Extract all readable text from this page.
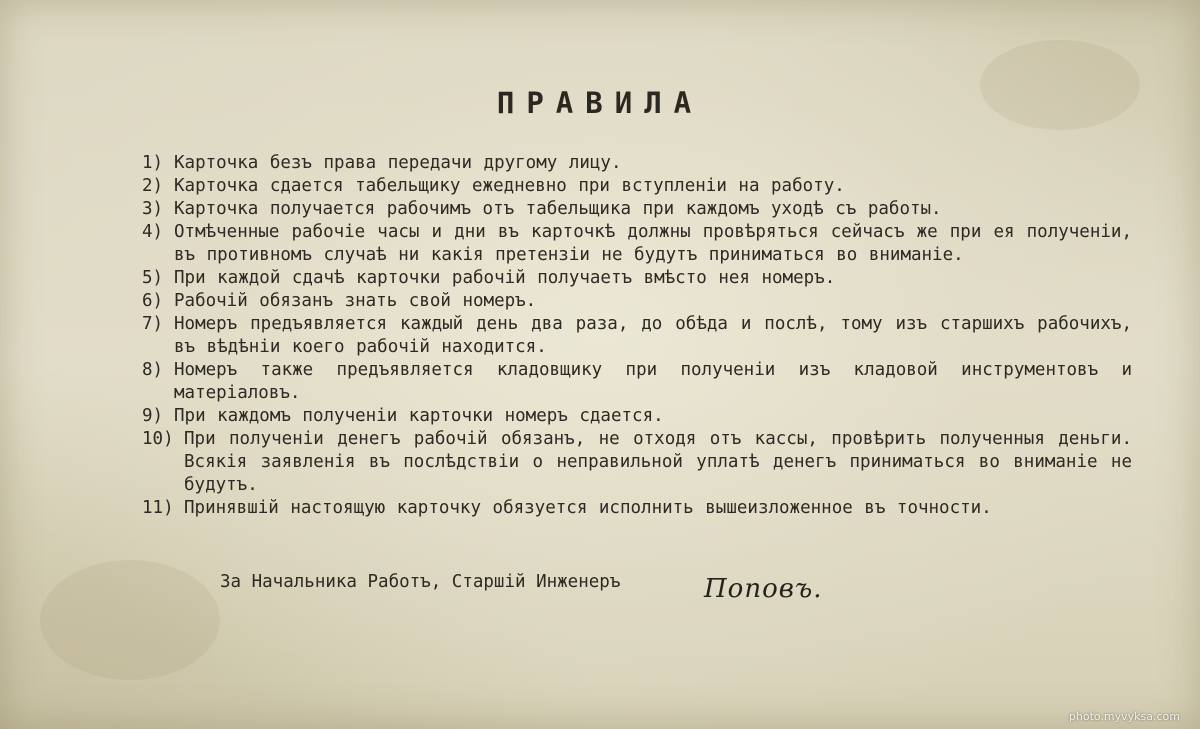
ПРАВИЛА
1) Карточка безъ права передачи другому лицу.
2) Карточка сдается табельщику ежедневно при вступленіи на работу.
3) Карточка получается рабочимъ отъ табельщика при каждомъ уходѣ съ работы.
4) Отмѣченные рабочіе часы и дни въ карточкѣ должны провѣряться сейчасъ же при ея полученіи, въ противномъ случаѣ ни какія претензіи не будутъ приниматься во вниманіе.
5) При каждой сдачѣ карточки рабочій получаетъ вмѣсто нея номеръ.
6) Рабочій обязанъ знать свой номеръ.
7) Номеръ предъявляется каждый день два раза, до обѣда и послѣ, тому изъ старшихъ рабочихъ, въ вѣдѣніи коего рабочій находится.
8) Номеръ также предъявляется кладовщику при полученіи изъ кладовой инструментовъ и матеріаловъ.
9) При каждомъ полученіи карточки номеръ сдается.
10) При полученіи денегъ рабочій обязанъ, не отходя отъ кассы, провѣрить полученныя деньги. Всякія заявленія въ послѣдствіи о неправильной уплатѣ денегъ приниматься во вниманіе не будутъ.
11) Принявшій настоящую карточку обязуется исполнить вышеизложенное въ точности.
За Начальника Работъ, Старшій Инженеръ	Поповъ.
photo.myvyksa.com
